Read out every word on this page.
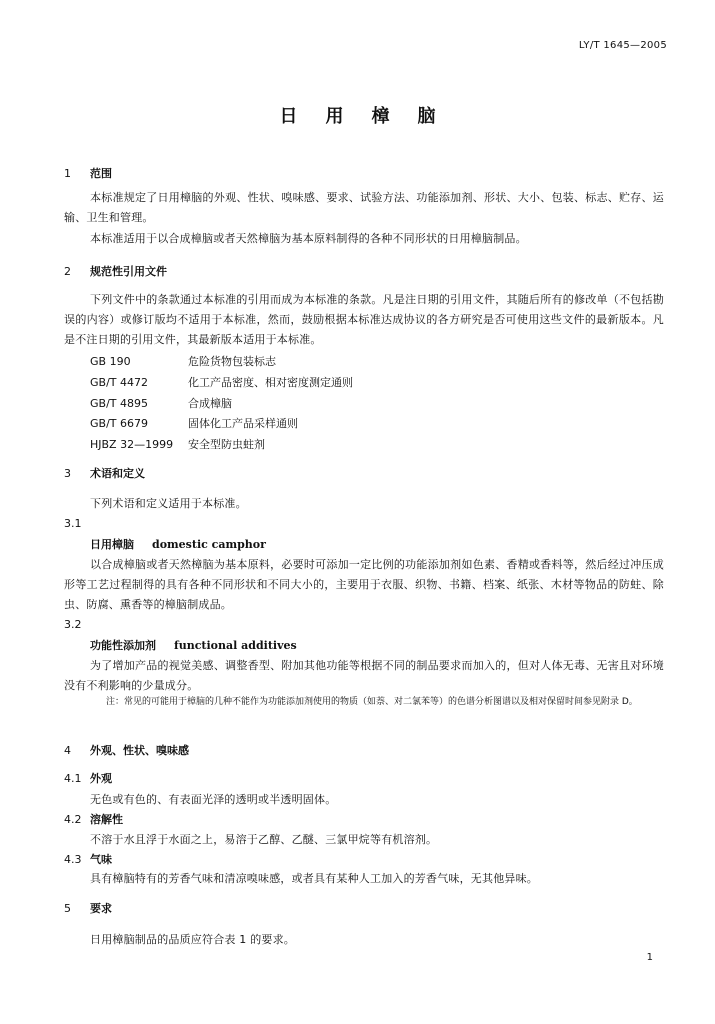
LY/T 1645—2005
日用樟脑
1 范围

本标准规定了日用樟脑的外观、性状、嗅味感、要求、试验方法、功能添加剂、形状、大小、包装、标志、贮存、运输、卫生和管理。

本标准适用于以合成樟脑或者天然樟脑为基本原料制得的各种不同形状的日用樟脑制品。
2 规范性引用文件

下列文件中的条款通过本标准的引用而成为本标准的条款。凡是注日期的引用文件，其随后所有的修改单（不包括勘误的内容）或修订版均不适用于本标准，然而，鼓励根据本标准达成协议的各方研究是否可使用这些文件的最新版本。凡是不注日期的引用文件，其最新版本适用于本标准。

GB 190	危险货物包装标志
GB/T 4472	化工产品密度、相对密度测定通则
GB/T 4895	合成樟脑
GB/T 6679	固体化工产品采样通则
HJBZ 32—1999 安全型防虫蛀剂
3 术语和定义
下列术语和定义适用于本标准。
3.1
日用樟脑 domestic camphor

以合成樟脑或者天然樟脑为基本原料，必要时可添加一定比例的功能添加剂如色素、香精或香料等，然后经过冲压成形等工艺过程制得的具有各种不同形状和不同大小的，主要用于衣服、织物、书籍、档案、纸张、木材等物品的防蛀、除虫、防腐、熏香等的樟脑制成品。

3.2
功能性添加剂 functional additives

为了增加产品的视觉美感、调整香型、附加其他功能等根据不同的制品要求而加入的，但对人体无毒、无害且对环境没有不利影响的少量成分。

注：常见的可能用于樟脑的几种不能作为功能添加剂使用的物质（如萘、对二氯苯等）的色谱分析图谱以及相对保留时间参见附录 D。

4 外观、性状、嗅味感
4.1 外观
无色或有色的、有表面光泽的透明或半透明固体。
4.2 溶解性
不溶于水且浮于水面之上，易溶于乙醇、乙醚、三氯甲烷等有机溶剂。
4.3 气味
具有樟脑特有的芳香气味和清凉嗅味感，或者具有某种人工加入的芳香气味，无其他异味。
5 要求
日用樟脑制品的品质应符合表 1 的要求。
1
